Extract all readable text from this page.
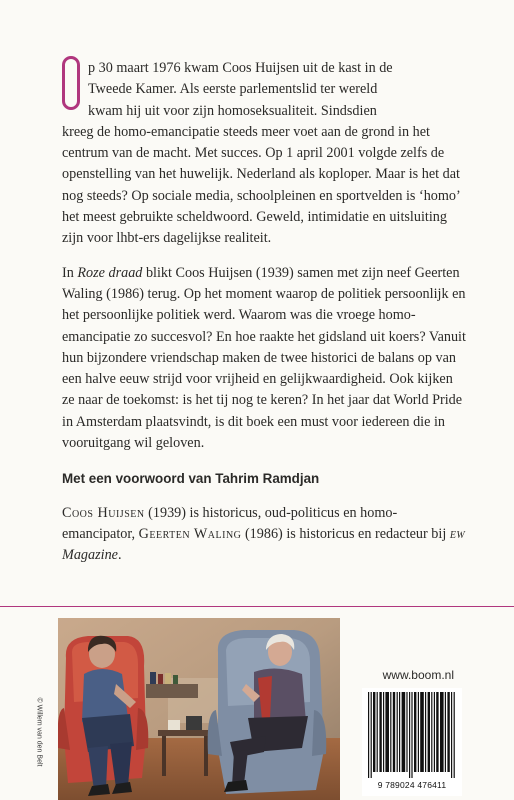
p 30 maart 1976 kwam Coos Huijsen uit de kast in de
Tweede Kamer. Als eerste parlementslid ter wereld
kwam hij uit voor zijn homoseksualiteit. Sindsdien
kreeg de homo-emancipatie steeds meer voet aan de grond in het centrum van de macht. Met succes. Op 1 april 2001 volgde zelfs de openstelling van het huwelijk. Nederland als koploper. Maar is het dat nog steeds? Op sociale media, schoolpleinen en sportvelden is ‘homo’ het meest gebruikte scheldwoord. Geweld, intimidatie en uitsluiting zijn voor lhbt-ers dagelijkse realiteit.

In Roze draad blikt Coos Huijsen (1939) samen met zijn neef Geerten Waling (1986) terug. Op het moment waarop de politiek persoonlijk en het persoonlijke politiek werd. Waarom was die vroege homo-emancipatie zo succesvol? En hoe raakte het gidsland uit koers? Vanuit hun bijzondere vriendschap maken de twee historici de balans op van een halve eeuw strijd voor vrijheid en gelijkwaardigheid. Ook kijken ze naar de toekomst: is het tij nog te keren? In het jaar dat World Pride in Amsterdam plaatsvindt, is dit boek een must voor iedereen die in vooruitgang wil geloven.

Met een voorwoord van Tahrim Ramdjan

Coos Huijsen (1939) is historicus, oud-politicus en homo-emancipator, Geerten Waling (1986) is historicus en redacteur bij ew Magazine.

© Willem van den Belt
www.boom.nl
9 789024 476411
